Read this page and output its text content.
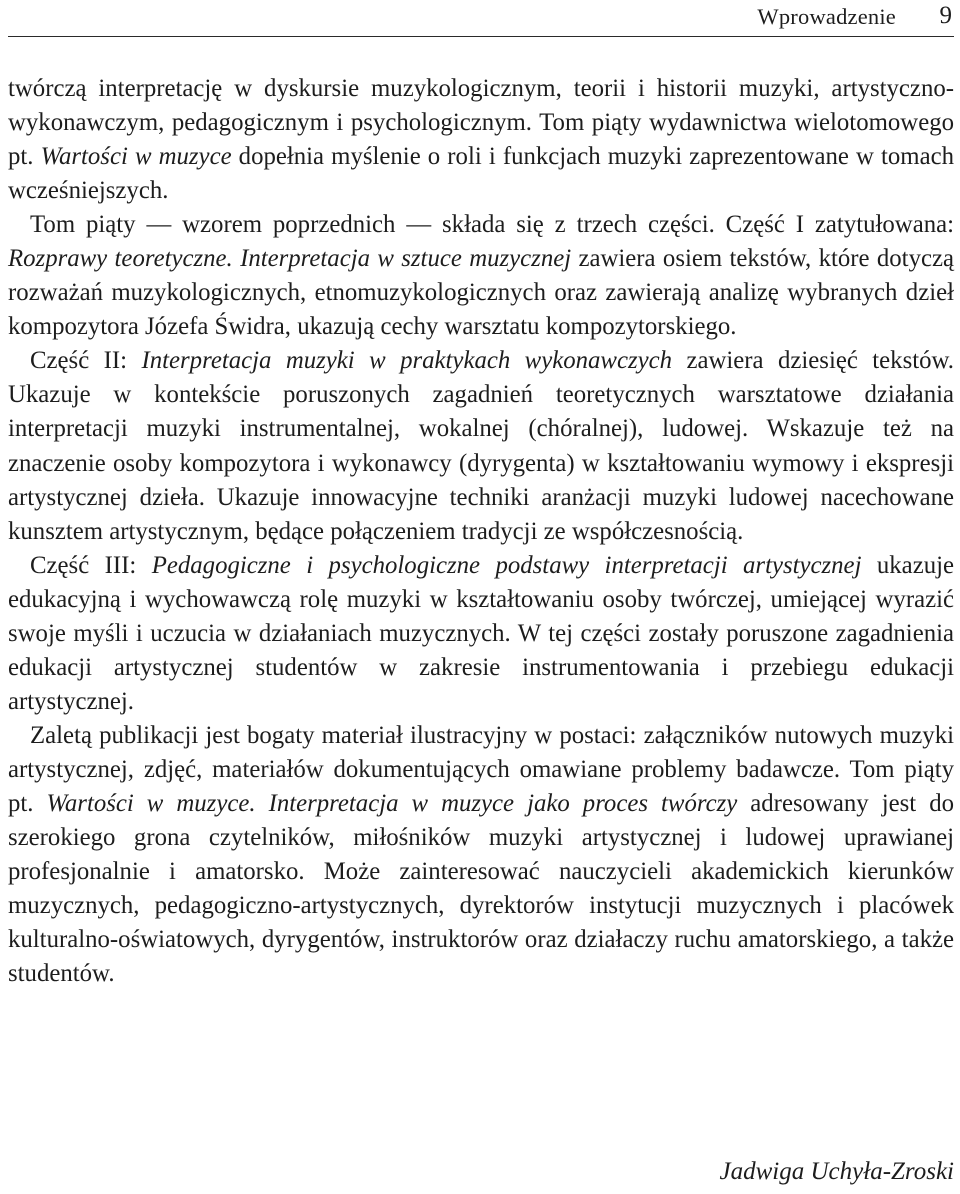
Wprowadzenie 9

twórczą interpretację w dyskursie muzykologicznym, teorii i historii muzyki, artystyczno-wykonawczym, pedagogicznym i psychologicznym. Tom piąty wydawnictwa wielotomowego pt. Wartości w muzyce dopełnia myślenie o roli i funkcjach muzyki zaprezentowane w tomach wcześniejszych.

Tom piąty — wzorem poprzednich — składa się z trzech części. Część I zatytułowana: Rozprawy teoretyczne. Interpretacja w sztuce muzycznej zawiera osiem tekstów, które dotyczą rozważań muzykologicznych, etnomuzykologicznych oraz zawierają analizę wybranych dzieł kompozytora Józefa Świdra, ukazują cechy warsztatu kompozytorskiego.

Część II: Interpretacja muzyki w praktykach wykonawczych zawiera dziesięć tekstów. Ukazuje w kontekście poruszonych zagadnień teoretycznych warsztatowe działania interpretacji muzyki instrumentalnej, wokalnej (chóralnej), ludowej. Wskazuje też na znaczenie osoby kompozytora i wykonawcy (dyrygenta) w kształtowaniu wymowy i ekspresji artystycznej dzieła. Ukazuje innowacyjne techniki aranżacji muzyki ludowej nacechowane kunsztem artystycznym, będące połączeniem tradycji ze współczesnością.

Część III: Pedagogiczne i psychologiczne podstawy interpretacji artystycznej ukazuje edukacyjną i wychowawczą rolę muzyki w kształtowaniu osoby twórczej, umiejącej wyrazić swoje myśli i uczucia w działaniach muzycznych. W tej części zostały poruszone zagadnienia edukacji artystycznej studentów w zakresie instrumentowania i przebiegu edukacji artystycznej.

Zaletą publikacji jest bogaty materiał ilustracyjny w postaci: załączników nutowych muzyki artystycznej, zdjęć, materiałów dokumentujących omawiane problemy badawcze. Tom piąty pt. Wartości w muzyce. Interpretacja w muzyce jako proces twórczy adresowany jest do szerokiego grona czytelników, miłośników muzyki artystycznej i ludowej uprawianej profesjonalnie i amatorsko. Może zainteresować nauczycieli akademickich kierunków muzycznych, pedagogiczno-artystycznych, dyrektorów instytucji muzycznych i placówek kulturalno-oświatowych, dyrygentów, instruktorów oraz działaczy ruchu amatorskiego, a także studentów.

Jadwiga Uchyła-Zroski
